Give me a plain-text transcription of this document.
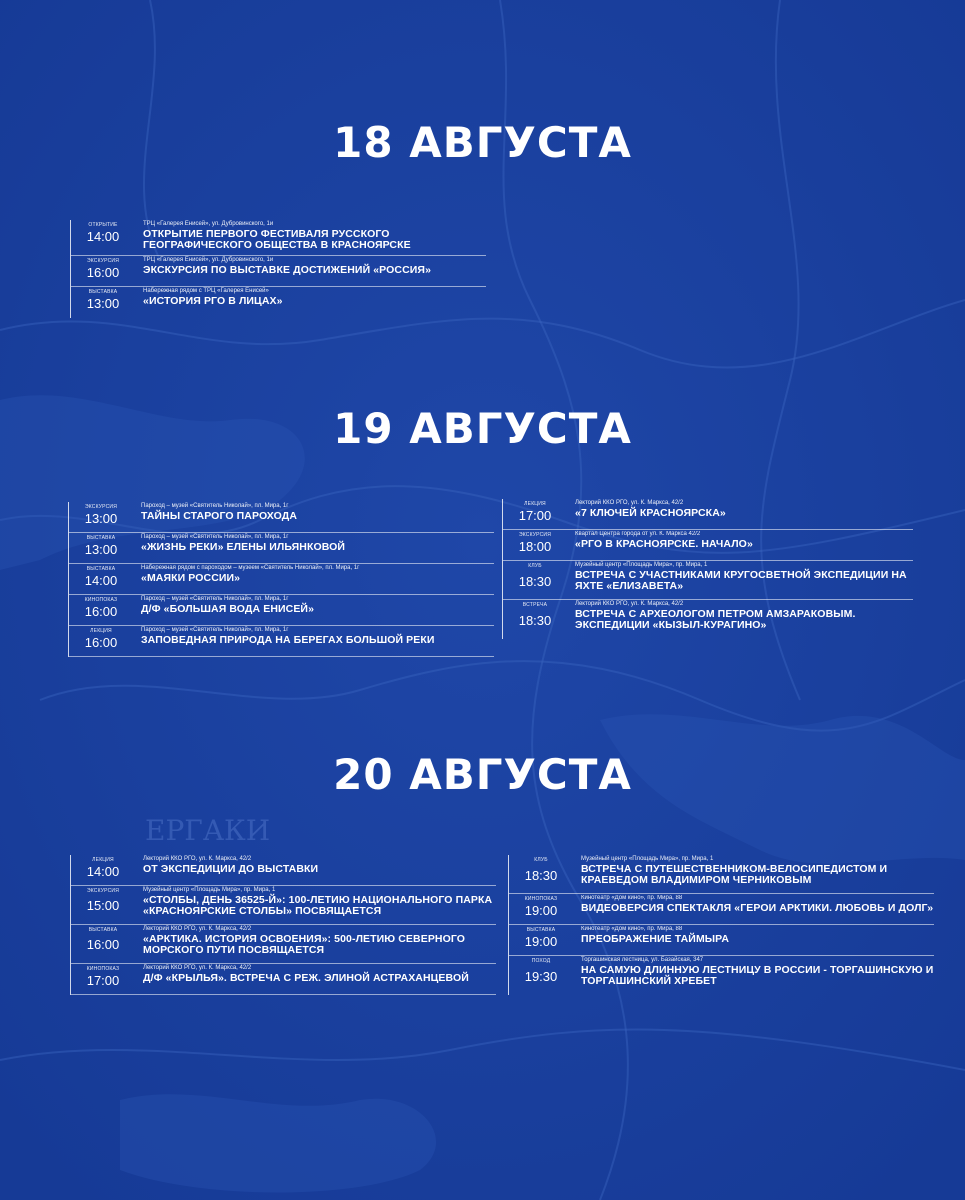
ЕРГАКИ
18 АВГУСТА
ОТКРЫТИЕ
14:00
ТРЦ «Галерея Енисей», ул. Дубровинского, 1и
ОТКРЫТИЕ ПЕРВОГО ФЕСТИВАЛЯ РУССКОГО ГЕОГРАФИЧЕСКОГО ОБЩЕСТВА В КРАСНОЯРСКЕ
ЭКСКУРСИЯ
16:00
ТРЦ «Галерея Енисей», ул. Дубровинского, 1и
ЭКСКУРСИЯ ПО ВЫСТАВКЕ ДОСТИЖЕНИЙ «РОССИЯ»
ВЫСТАВКА
13:00
Набережная рядом с ТРЦ «Галерея Енисей»
«ИСТОРИЯ РГО В ЛИЦАХ»
19 АВГУСТА
ЭКСКУРСИЯ
13:00
Пароход – музей «Святитель Николай», пл. Мира, 1г
ТАЙНЫ СТАРОГО ПАРОХОДА
ВЫСТАВКА
13:00
Пароход – музей «Святитель Николай», пл. Мира, 1г
«ЖИЗНЬ РЕКИ» ЕЛЕНЫ ИЛЬЯНКОВОЙ
ВЫСТАВКА
14:00
Набережная рядом с пароходом – музеем «Святитель Николай», пл. Мира, 1г
«МАЯКИ РОССИИ»
КИНОПОКАЗ
16:00
Пароход – музей «Святитель Николай», пл. Мира, 1г
Д/Ф «БОЛЬШАЯ ВОДА ЕНИСЕЙ»
ЛЕКЦИЯ
16:00
Пароход – музей «Святитель Николай», пл. Мира, 1г
ЗАПОВЕДНАЯ ПРИРОДА НА БЕРЕГАХ БОЛЬШОЙ РЕКИ
ЛЕКЦИЯ
17:00
Лекторий ККО РГО, ул. К. Маркса, 42/2
«7 КЛЮЧЕЙ КРАСНОЯРСКА»
ЭКСКУРСИЯ
18:00
Квартал Центра города от ул. К. Маркса 42/2
«РГО В КРАСНОЯРСКЕ. НАЧАЛО»
КЛУБ
18:30
Музейный центр «Площадь Мира», пр. Мира, 1
ВСТРЕЧА С УЧАСТНИКАМИ КРУГОСВЕТНОЙ ЭКСПЕДИЦИИ НА ЯХТЕ «ЕЛИЗАВЕТА»
ВСТРЕЧА
18:30
Лекторий ККО РГО, ул. К. Маркса, 42/2
ВСТРЕЧА С АРХЕОЛОГОМ ПЕТРОМ АМЗАРАКОВЫМ. ЭКСПЕДИЦИИ «КЫЗЫЛ-КУРАГИНО»
20 АВГУСТА
ЛЕКЦИЯ
14:00
Лекторий ККО РГО, ул. К. Маркса, 42/2
ОТ ЭКСПЕДИЦИИ ДО ВЫСТАВКИ
ЭКСКУРСИЯ
15:00
Музейный центр «Площадь Мира», пр. Мира, 1
«СТОЛБЫ, ДЕНЬ 36525-Й»: 100-ЛЕТИЮ НАЦИОНАЛЬНОГО ПАРКА «КРАСНОЯРСКИЕ СТОЛБЫ» ПОСВЯЩАЕТСЯ
ВЫСТАВКА
16:00
Лекторий ККО РГО, ул. К. Маркса, 42/2
«АРКТИКА. ИСТОРИЯ ОСВОЕНИЯ»: 500-ЛЕТИЮ СЕВЕРНОГО МОРСКОГО ПУТИ ПОСВЯЩАЕТСЯ
КИНОПОКАЗ
17:00
Лекторий ККО РГО, ул. К. Маркса, 42/2
Д/Ф «КРЫЛЬЯ». ВСТРЕЧА С РЕЖ. ЭЛИНОЙ АСТРАХАНЦЕВОЙ
КЛУБ
18:30
Музейный центр «Площадь Мира», пр. Мира, 1
ВСТРЕЧА С ПУТЕШЕСТВЕННИКОМ-ВЕЛОСИПЕДИСТОМ И КРАЕВЕДОМ ВЛАДИМИРОМ ЧЕРНИКОВЫМ
КИНОПОКАЗ
19:00
Кинотеатр «Дом кино», пр. Мира, 88
ВИДЕОВЕРСИЯ СПЕКТАКЛЯ «ГЕРОИ АРКТИКИ. ЛЮБОВЬ И ДОЛГ»
ВЫСТАВКА
19:00
Кинотеатр «Дом кино», пр. Мира, 88
ПРЕОБРАЖЕНИЕ ТАЙМЫРА
ПОХОД
19:30
Торгашинская лестница, ул. Базайская, 347
НА САМУЮ ДЛИННУЮ ЛЕСТНИЦУ В РОССИИ - ТОРГАШИНСКУЮ И ТОРГАШИНСКИЙ ХРЕБЕТ
